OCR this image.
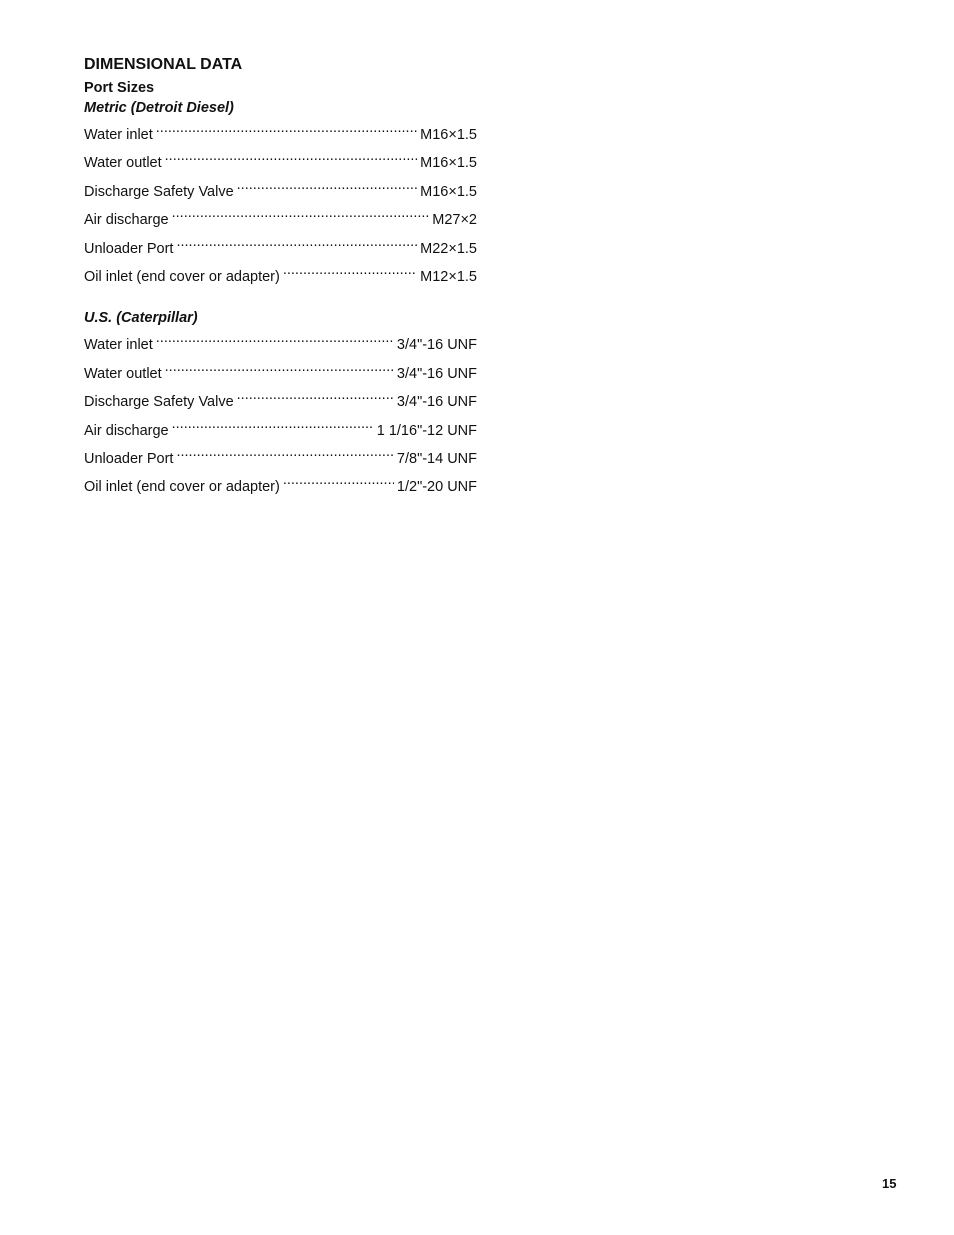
DIMENSIONAL DATA
Port Sizes
Metric (Detroit Diesel)
Water inlet .....	M16×1.5
Water outlet .....	M16×1.5
Discharge Safety Valve .....	M16×1.5
Air discharge .....	M27×2
Unloader Port .....	M22×1.5
Oil inlet (end cover or adapter) .....	M12×1.5
U.S. (Caterpillar)
Water inlet .....	3/4"-16 UNF
Water outlet .....	3/4"-16 UNF
Discharge Safety Valve .....	3/4"-16 UNF
Air discharge .....	1 1/16"-12 UNF
Unloader Port .....	7/8"-14 UNF
Oil inlet (end cover or adapter) .....	1/2"-20 UNF
15
